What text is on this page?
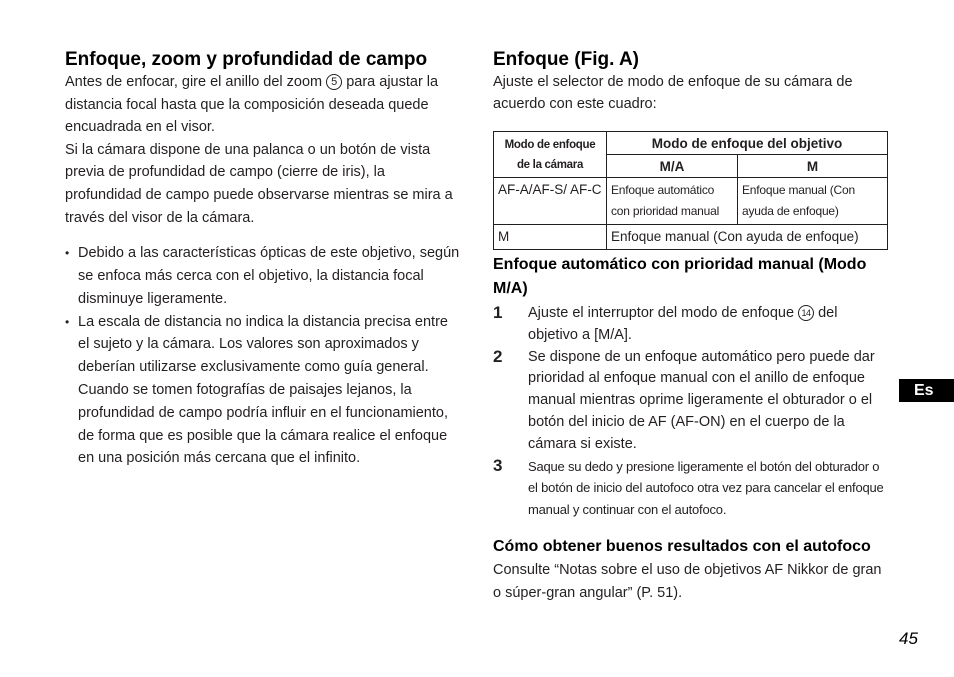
Enfoque, zoom y profundidad de campo

Antes de enfocar, gire el anillo del zoom 5 para ajustar la distancia focal hasta que la composición deseada quede encuadrada en el visor.

Si la cámara dispone de una palanca o un botón de vista previa de profundidad de campo (cierre de iris), la profundidad de campo puede observarse mientras se mira a través del visor de la cámara.

• Debido a las características ópticas de este objetivo, según se enfoca más cerca con el objetivo, la distancia focal disminuye ligeramente.
• La escala de distancia no indica la distancia precisa entre el sujeto y la cámara. Los valores son aproximados y deberían utilizarse exclusivamente como guía general. Cuando se tomen fotografías de paisajes lejanos, la profundidad de campo podría influir en el funcionamiento, de forma que es posible que la cámara realice el enfoque en una posición más cercana que el infinito.
Enfoque (Fig. A)

Ajuste el selector de modo de enfoque de su cámara de acuerdo con este cuadro:

Modo de enfoque de la cámara	Modo de enfoque del objetivo	
	M/A	M
AF-A/AF-S/ AF-C	Enfoque automático con prioridad manual	Enfoque manual (Con ayuda de enfoque)
M	Enfoque manual (Con ayuda de enfoque)	
Enfoque automático con prioridad manual (Modo M/A)
1 Ajuste el interruptor del modo de enfoque 14 del objetivo a [M/A].
2 Se dispone de un enfoque automático pero puede dar prioridad al enfoque manual con el anillo de enfoque manual mientras oprime ligeramente el obturador o el botón del inicio de AF (AF-ON) en el cuerpo de la cámara si existe.
3 Saque su dedo y presione ligeramente el botón del obturador o el botón de inicio del autofoco otra vez para cancelar el enfoque manual y continuar con el autofoco.
Cómo obtener buenos resultados con el autofoco

Consulte “Notas sobre el uso de objetivos AF Nikkor de gran o súper-gran angular” (P. 51).

Es
45
